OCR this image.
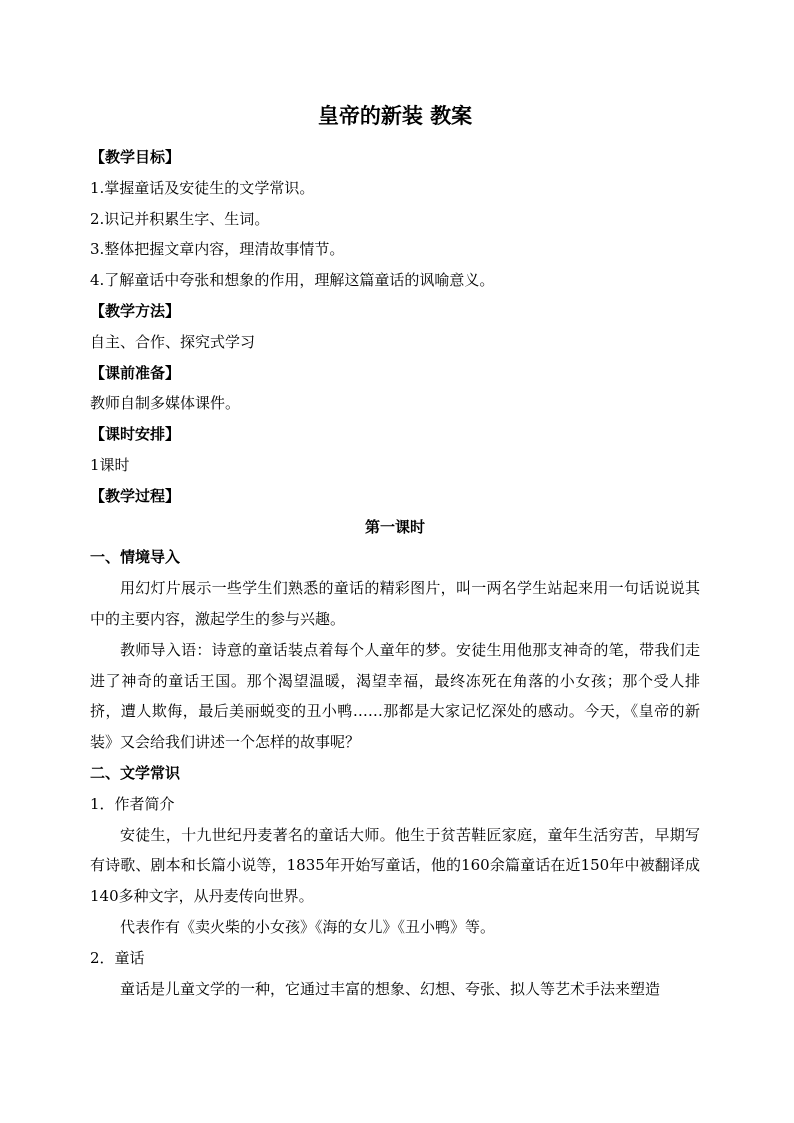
皇帝的新装 教案

【教学目标】

1.掌握童话及安徒生的文学常识。

2.识记并积累生字、生词。

3.整体把握文章内容，理清故事情节。

4.了解童话中夸张和想象的作用，理解这篇童话的讽喻意义。

【教学方法】

自主、合作、探究式学习

【课前准备】

教师自制多媒体课件。

【课时安排】

1课时

【教学过程】

第一课时

一、情境导入

用幻灯片展示一些学生们熟悉的童话的精彩图片，叫一两名学生站起来用一句话说说其中的主要内容，激起学生的参与兴趣。

教师导入语：诗意的童话装点着每个人童年的梦。安徒生用他那支神奇的笔，带我们走进了神奇的童话王国。那个渴望温暖，渴望幸福，最终冻死在角落的小女孩；那个受人排挤，遭人欺侮，最后美丽蜕变的丑小鸭……那都是大家记忆深处的感动。今天，《皇帝的新装》又会给我们讲述一个怎样的故事呢？

二、文学常识

1．作者简介

安徒生，十九世纪丹麦著名的童话大师。他生于贫苦鞋匠家庭，童年生活穷苦，早期写有诗歌、剧本和长篇小说等，1835年开始写童话，他的160余篇童话在近150年中被翻译成140多种文字，从丹麦传向世界。

代表作有《卖火柴的小女孩》《海的女儿》《丑小鸭》等。

2．童话

童话是儿童文学的一种，它通过丰富的想象、幻想、夸张、拟人等艺术手法来塑造
